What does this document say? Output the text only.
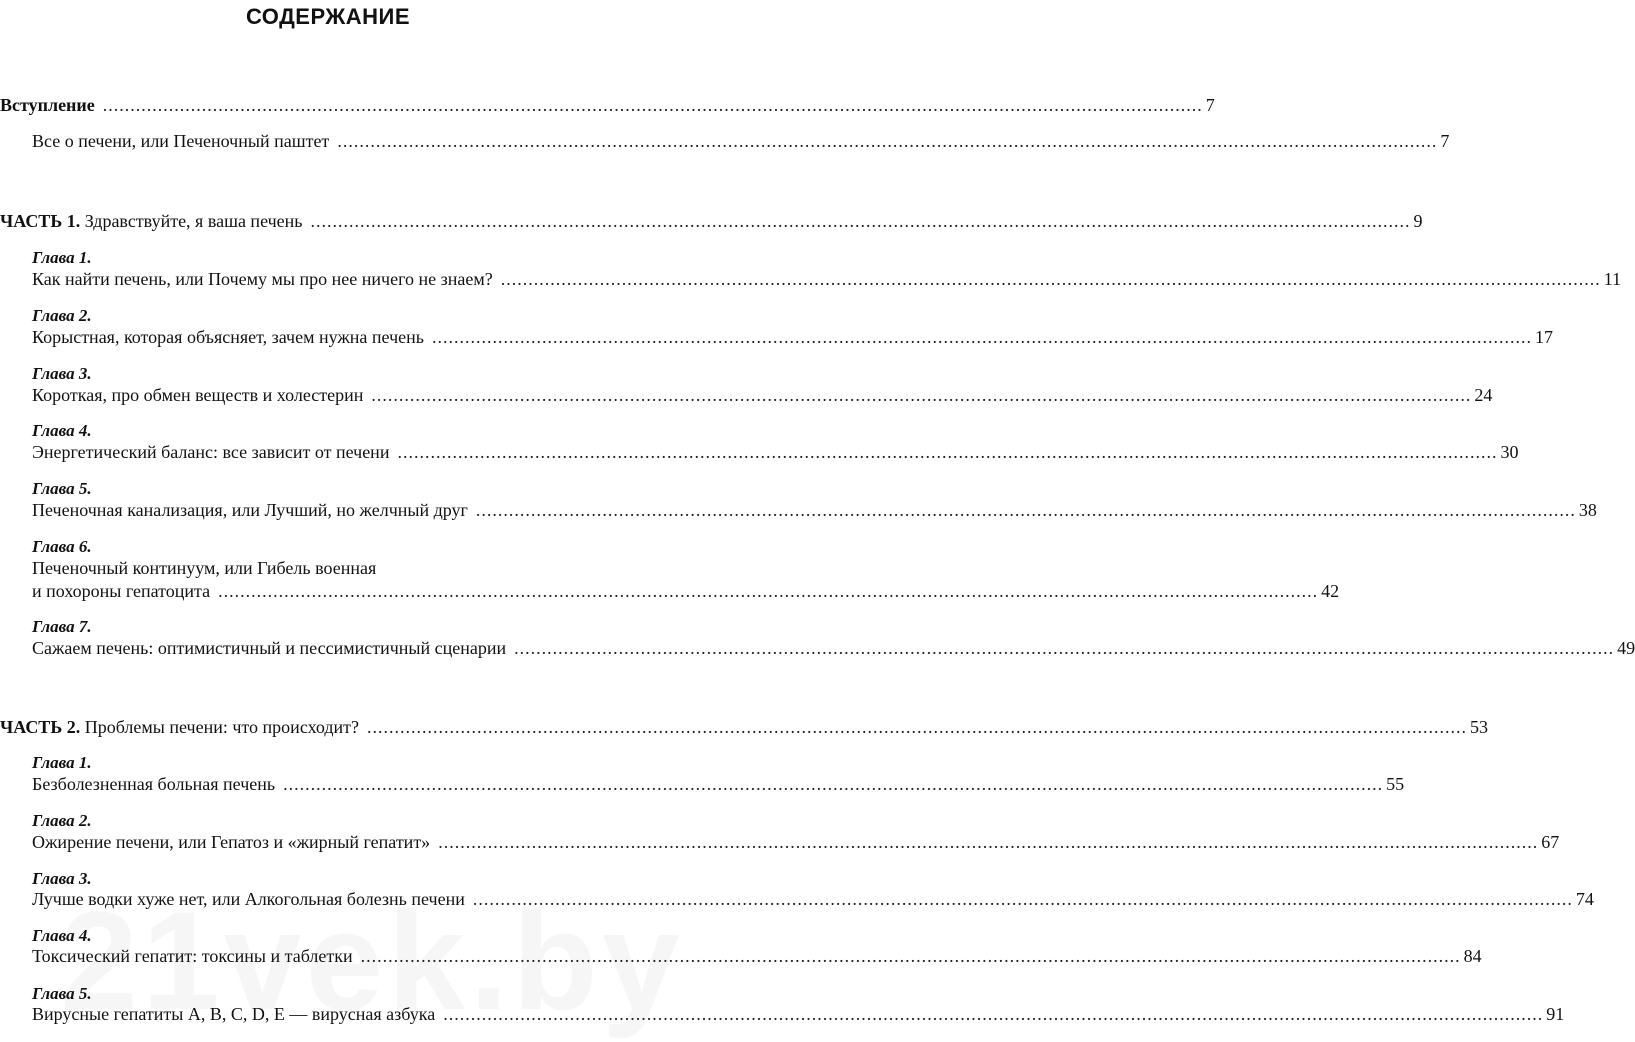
СОДЕРЖАНИЕ
Вступление ........................................................................................................................................................................................................ 7
Все о печени, или Печеночный паштет ........................................................................................................................................................................................................ 7
ЧАСТЬ 1. Здравствуйте, я ваша печень ........................................................................................................................................................................................................ 9
Глава 1.
Как найти печень, или Почему мы про нее ничего не знаем? ........................................................................................................................................................................................................ 11
Глава 2.
Корыстная, которая объясняет, зачем нужна печень ........................................................................................................................................................................................................ 17
Глава 3.
Короткая, про обмен веществ и холестерин ........................................................................................................................................................................................................ 24
Глава 4.
Энергетический баланс: все зависит от печени ........................................................................................................................................................................................................ 30
Глава 5.
Печеночная канализация, или Лучший, но желчный друг ........................................................................................................................................................................................................ 38
Глава 6.
Печеночный континуум, или Гибель военная
и похороны гепатоцита ........................................................................................................................................................................................................ 42
Глава 7.
Сажаем печень: оптимистичный и пессимистичный сценарии ........................................................................................................................................................................................................ 49
ЧАСТЬ 2. Проблемы печени: что происходит? ........................................................................................................................................................................................................ 53
Глава 1.
Безболезненная больная печень ........................................................................................................................................................................................................ 55
Глава 2.
Ожирение печени, или Гепатоз и «жирный гепатит» ........................................................................................................................................................................................................ 67
Глава 3.
Лучше водки хуже нет, или Алкогольная болезнь печени ........................................................................................................................................................................................................ 74
Глава 4.
Токсический гепатит: токсины и таблетки ........................................................................................................................................................................................................ 84
Глава 5.
Вирусные гепатиты A, B, C, D, E — вирусная азбука ........................................................................................................................................................................................................ 91
